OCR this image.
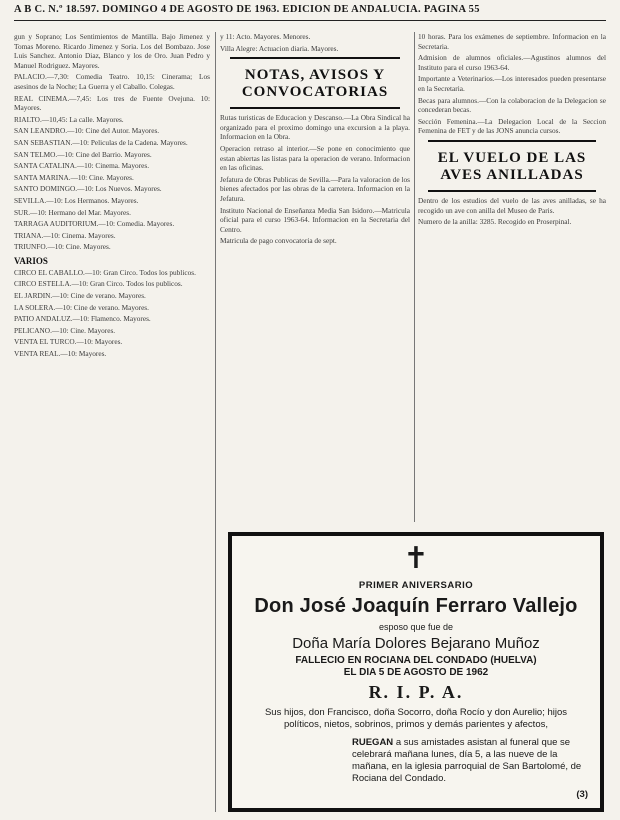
A B C. N.º 18.597. DOMINGO 4 DE AGOSTO DE 1963. EDICION DE ANDALUCIA. PAGINA 55

gun y Soprano; Los Sentimientos de Mantilla. Bajo Jimenez y Tomas Moreno. Ricardo Jimenez y Soria. Los del Bombazo. Jose Luis Sanchez. Antonio Diaz, Blanco y los de Oro. Juan Pedro y Manuel Rodriguez. Mayores.

PALACIO.—7,30: Comedia Teatro. 10,15: Cinerama; Los asesinos de la Noche; La Guerra y el Caballo. Colegas.

REAL CINEMA.—7,45: Los tres de Fuente Ovejuna. 10: Mayores.

RIALTO.—10,45: La calle. Mayores.

SAN LEANDRO.—10: Cine del Autor. Mayores.

SAN SEBASTIAN.—10: Peliculas de la Cadena. Mayores.

SAN TELMO.—10: Cine del Barrio. Mayores.

SANTA CATALINA.—10: Cinema. Mayores.

SANTA MARINA.—10: Cine. Mayores.

SANTO DOMINGO.—10: Los Nuevos. Mayores.

SEVILLA.—10: Los Hermanos. Mayores.

SUR.—10: Hermano del Mar. Mayores.

TARRAGA AUDITORIUM.—10: Comedia. Mayores.

TRIANA.—10: Cinema. Mayores.

TRIUNFO.—10: Cine. Mayores.

VARIOS

CIRCO EL CABALLO.—10: Gran Circo. Todos los publicos.

CIRCO ESTELLA.—10: Gran Circo. Todos los publicos.

EL JARDIN.—10: Cine de verano. Mayores.

LA SOLERA.—10: Cine de verano. Mayores.

PATIO ANDALUZ.—10: Flamenco. Mayores.

PELICANO.—10: Cine. Mayores.

VENTA EL TURCO.—10: Mayores.

VENTA REAL.—10: Mayores.

y 11: Acto. Mayores. Menores.

Villa Alegre: Actuacion diaria. Mayores.

NOTAS, AVISOS Y CONVOCATORIAS

Rutas turisticas de Educacion y Descanso.—La Obra Sindical ha organizado para el proximo domingo una excursion a la playa. Informacion en la Obra.

Operacion retraso al interior.—Se pone en conocimiento que estan abiertas las listas para la operacion de verano. Informacion en las oficinas.

Jefatura de Obras Publicas de Sevilla.—Para la valoracion de los bienes afectados por las obras de la carretera. Informacion en la Jefatura.

Instituto Nacional de Enseñanza Media San Isidoro.—Matricula oficial para el curso 1963-64. Informacion en la Secretaria del Centro.

Matricula de pago convocatoria de sept.

10 horas. Para los exámenes de septiembre. Informacion en la Secretaria.

Admision de alumnos oficiales.—Agustinos alumnos del Instituto para el curso 1963-64.

Importante a Veterinarios.—Los interesados pueden presentarse en la Secretaria.

Becas para alumnos.—Con la colaboracion de la Delegacion se concederan becas.

Sección Femenina.—La Delegacion Local de la Seccion Femenina de FET y de las JONS anuncia cursos.

EL VUELO DE LAS AVES ANILLADAS

Dentro de los estudios del vuelo de las aves anilladas, se ha recogido un ave con anilla del Museo de Paris.

Numero de la anilla: 3285. Recogido en Proserpinal.

✝
PRIMER ANIVERSARIO
Don José Joaquín Ferraro Vallejo
esposo que fue de
Doña María Dolores Bejarano Muñoz
FALLECIO EN ROCIANA DEL CONDADO (HUELVA)
EL DIA 5 DE AGOSTO DE 1962
R. I. P. A.
Sus hijos, don Francisco, doña Socorro, doña Rocío y don Aurelio; hijos políticos, nietos, sobrinos, primos y demás parientes y afectos,
RUEGAN a sus amistades asistan al funeral que se celebrará mañana lunes, día 5, a las nueve de la mañana, en la iglesia parroquial de San Bartolomé, de Rociana del Condado.
(3)
